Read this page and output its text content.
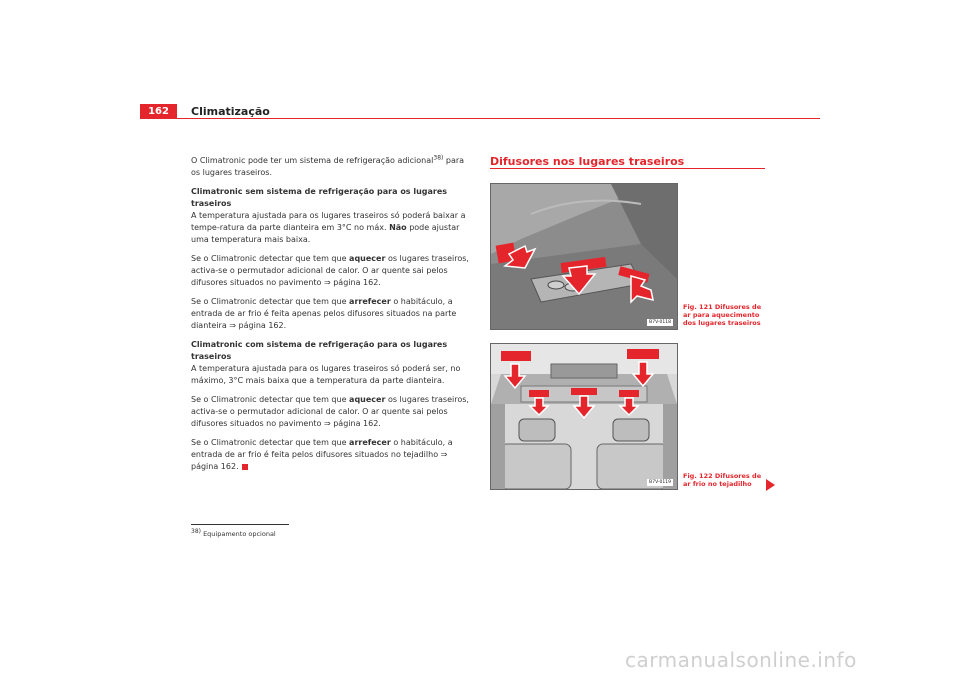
162	Climatização

O Climatronic pode ter um sistema de refrigeração adicional$^{38)}$ para os lugares traseiros.

Climatronic sem sistema de refrigeração para os lugares traseiros

A temperatura ajustada para os lugares traseiros só poderá baixar a tempe-ratura da parte dianteira em 3°C no máx. Não pode ajustar uma temperatura mais baixa.

Se o Climatronic detectar que tem que aquecer os lugares traseiros, activa-se o permutador adicional de calor. O ar quente sai pelos difusores situados no pavimento ⇒ página 162.

Se o Climatronic detectar que tem que arrefecer o habitáculo, a entrada de ar frio é feita apenas pelos difusores situados na parte dianteira ⇒ página 162.

Climatronic com sistema de refrigeração para os lugares traseiros

A temperatura ajustada para os lugares traseiros só poderá ser, no máximo, 3°C mais baixa que a temperatura da parte dianteira.

Se o Climatronic detectar que tem que aquecer os lugares traseiros, activa-se o permutador adicional de calor. O ar quente sai pelos difusores situados no pavimento ⇒ página 162.

Se o Climatronic detectar que tem que arrefecer o habitáculo, a entrada de ar frio é feita pelos difusores situados no tejadilho ⇒ página 162.

Difusores nos lugares traseiros
B7V-0118
Fig. 121 Difusores de ar para aquecimento dos lugares traseiros
B7V-0119
Fig. 122 Difusores de ar frio no tejadilho
38) Equipamento opcional
carmanualsonline.info
